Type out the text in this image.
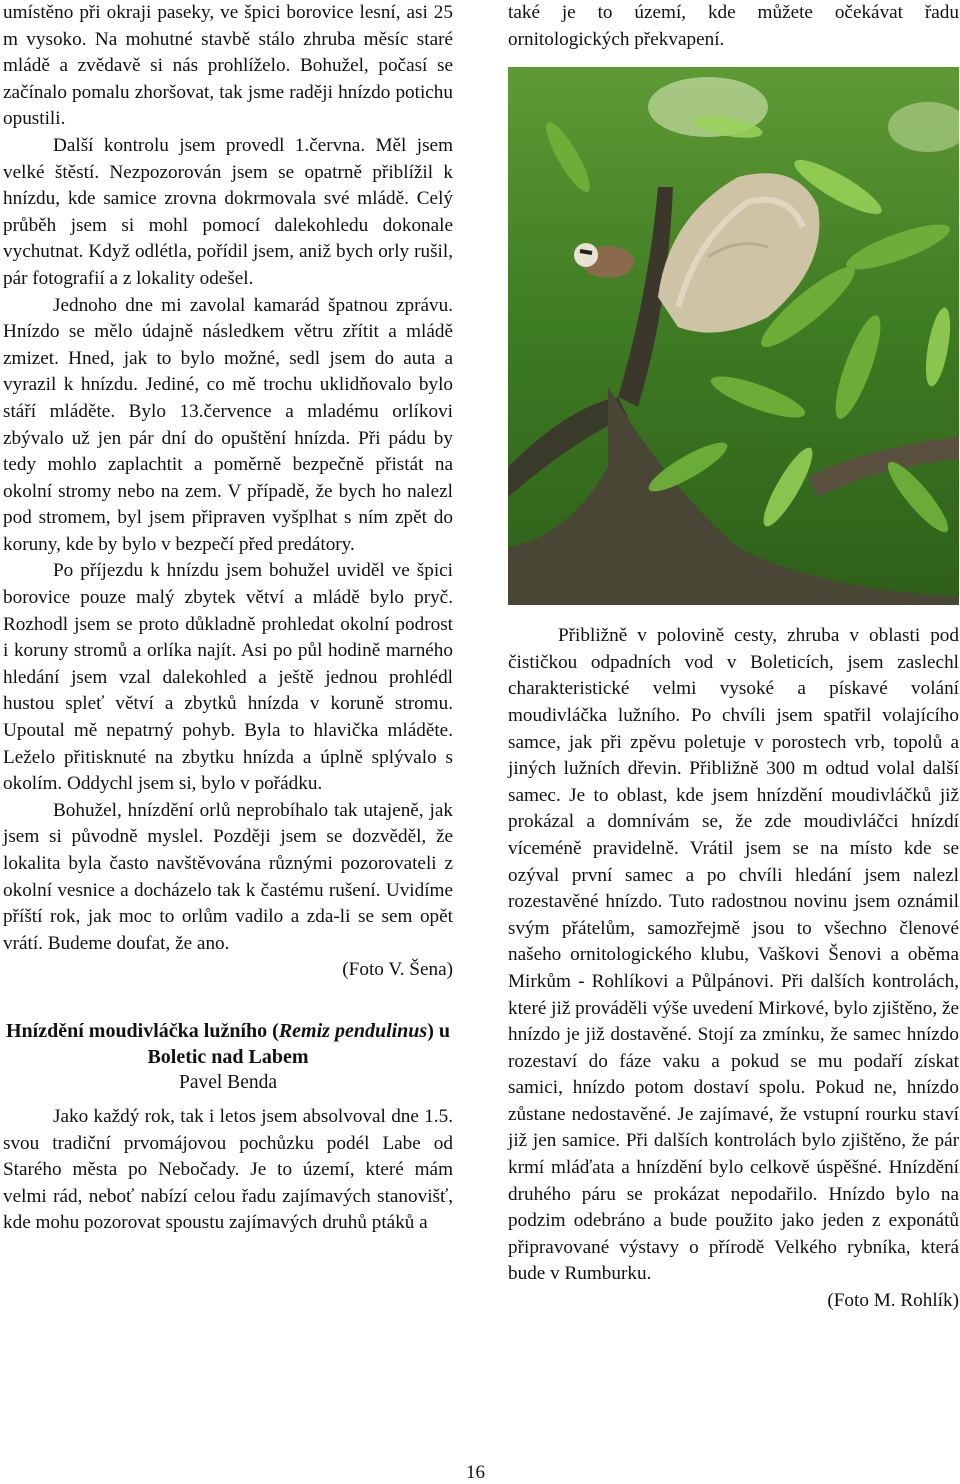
umístěno při okraji paseky, ve špici borovice lesní, asi 25 m vysoko. Na mohutné stavbě stálo zhruba měsíc staré mládě a zvědavě si nás prohlíželo. Bohužel, počasí se začínalo pomalu zhoršovat, tak jsme raději hnízdo potichu opustili.

Další kontrolu jsem provedl 1.června. Měl jsem velké štěstí. Nezpozorován jsem se opatrně přiblížil k hnízdu, kde samice zrovna dokrmovala své mládě. Celý průběh jsem si mohl pomocí dalekohledu dokonale vychutnat. Když odlétla, pořídil jsem, aniž bych orly rušil, pár fotografií a z lokality odešel.

Jednoho dne mi zavolal kamarád špatnou zprávu. Hnízdo se mělo údajně následkem větru zřítit a mládě zmizet. Hned, jak to bylo možné, sedl jsem do auta a vyrazil k hnízdu. Jediné, co mě trochu uklidňovalo bylo stáří mláděte. Bylo 13.července a mladému orlíkovi zbývalo už jen pár dní do opuštění hnízda. Při pádu by tedy mohlo zaplachtit a poměrně bezpečně přistát na okolní stromy nebo na zem. V případě, že bych ho nalezl pod stromem, byl jsem připraven vyšplhat s ním zpět do koruny, kde by bylo v bezpečí před predátory.

Po příjezdu k hnízdu jsem bohužel uviděl ve špici borovice pouze malý zbytek větví a mládě bylo pryč. Rozhodl jsem se proto důkladně prohledat okolní podrost i koruny stromů a orlíka najít. Asi po půl hodině marného hledání jsem vzal dalekohled a ještě jednou prohlédl hustou spleť větví a zbytků hnízda v koruně stromu. Upoutal mě nepatrný pohyb. Byla to hlavička mláděte. Leželo přitisknuté na zbytku hnízda a úplně splývalo s okolím. Oddychl jsem si, bylo v pořádku.

Bohužel, hnízdění orlů neprobíhalo tak utajeně, jak jsem si původně myslel. Později jsem se dozvěděl, že lokalita byla často navštěvována různými pozorovateli z okolní vesnice a docházelo tak k častému rušení. Uvidíme příští rok, jak moc to orlům vadilo a zda-li se sem opět vrátí. Budeme doufat, že ano.

(Foto V. Šena)

Hnízdění moudivláčka lužního (Remiz pendulinus) u Boletic nad Labem
Pavel Benda

Jako každý rok, tak i letos jsem absolvoval dne 1.5. svou tradiční prvomájovou pochůzku podél Labe od Starého města po Nebočady. Je to území, které mám velmi rád, neboť nabízí celou řadu zajímavých stanovišť, kde mohu pozorovat spoustu zajímavých druhů ptáků a

také je to území, kde můžete očekávat řadu ornitologických překvapení.

Přibližně v polovině cesty, zhruba v oblasti pod čističkou odpadních vod v Boleticích, jsem zaslechl charakteristické velmi vysoké a pískavé volání moudivláčka lužního. Po chvíli jsem spatřil volajícího samce, jak při zpěvu poletuje v porostech vrb, topolů a jiných lužních dřevin. Přibližně 300 m odtud volal další samec. Je to oblast, kde jsem hnízdění moudivláčků již prokázal a domnívám se, že zde moudivláčci hnízdí víceméně pravidelně. Vrátil jsem se na místo kde se ozýval první samec a po chvíli hledání jsem nalezl rozestavěné hnízdo. Tuto radostnou novinu jsem oznámil svým přátelům, samozřejmě jsou to všechno členové našeho ornitologického klubu, Vaškovi Šenovi a oběma Mirkům - Rohlíkovi a Půlpánovi. Při dalších kontrolách, které již prováděli výše uvedení Mirkové, bylo zjištěno, že hnízdo je již dostavěné. Stojí za zmínku, že samec hnízdo rozestaví do fáze vaku a pokud se mu podaří získat samici, hnízdo potom dostaví spolu. Pokud ne, hnízdo zůstane nedostavěné. Je zajímavé, že vstupní rourku staví již jen samice. Při dalších kontrolách bylo zjištěno, že pár krmí mláďata a hnízdění bylo celkově úspěšné. Hnízdění druhého páru se prokázat nepodařilo. Hnízdo bylo na podzim odebráno a bude použito jako jeden z exponátů připravované výstavy o přírodě Velkého rybníka, která bude v Rumburku.

(Foto M. Rohlík)

16
